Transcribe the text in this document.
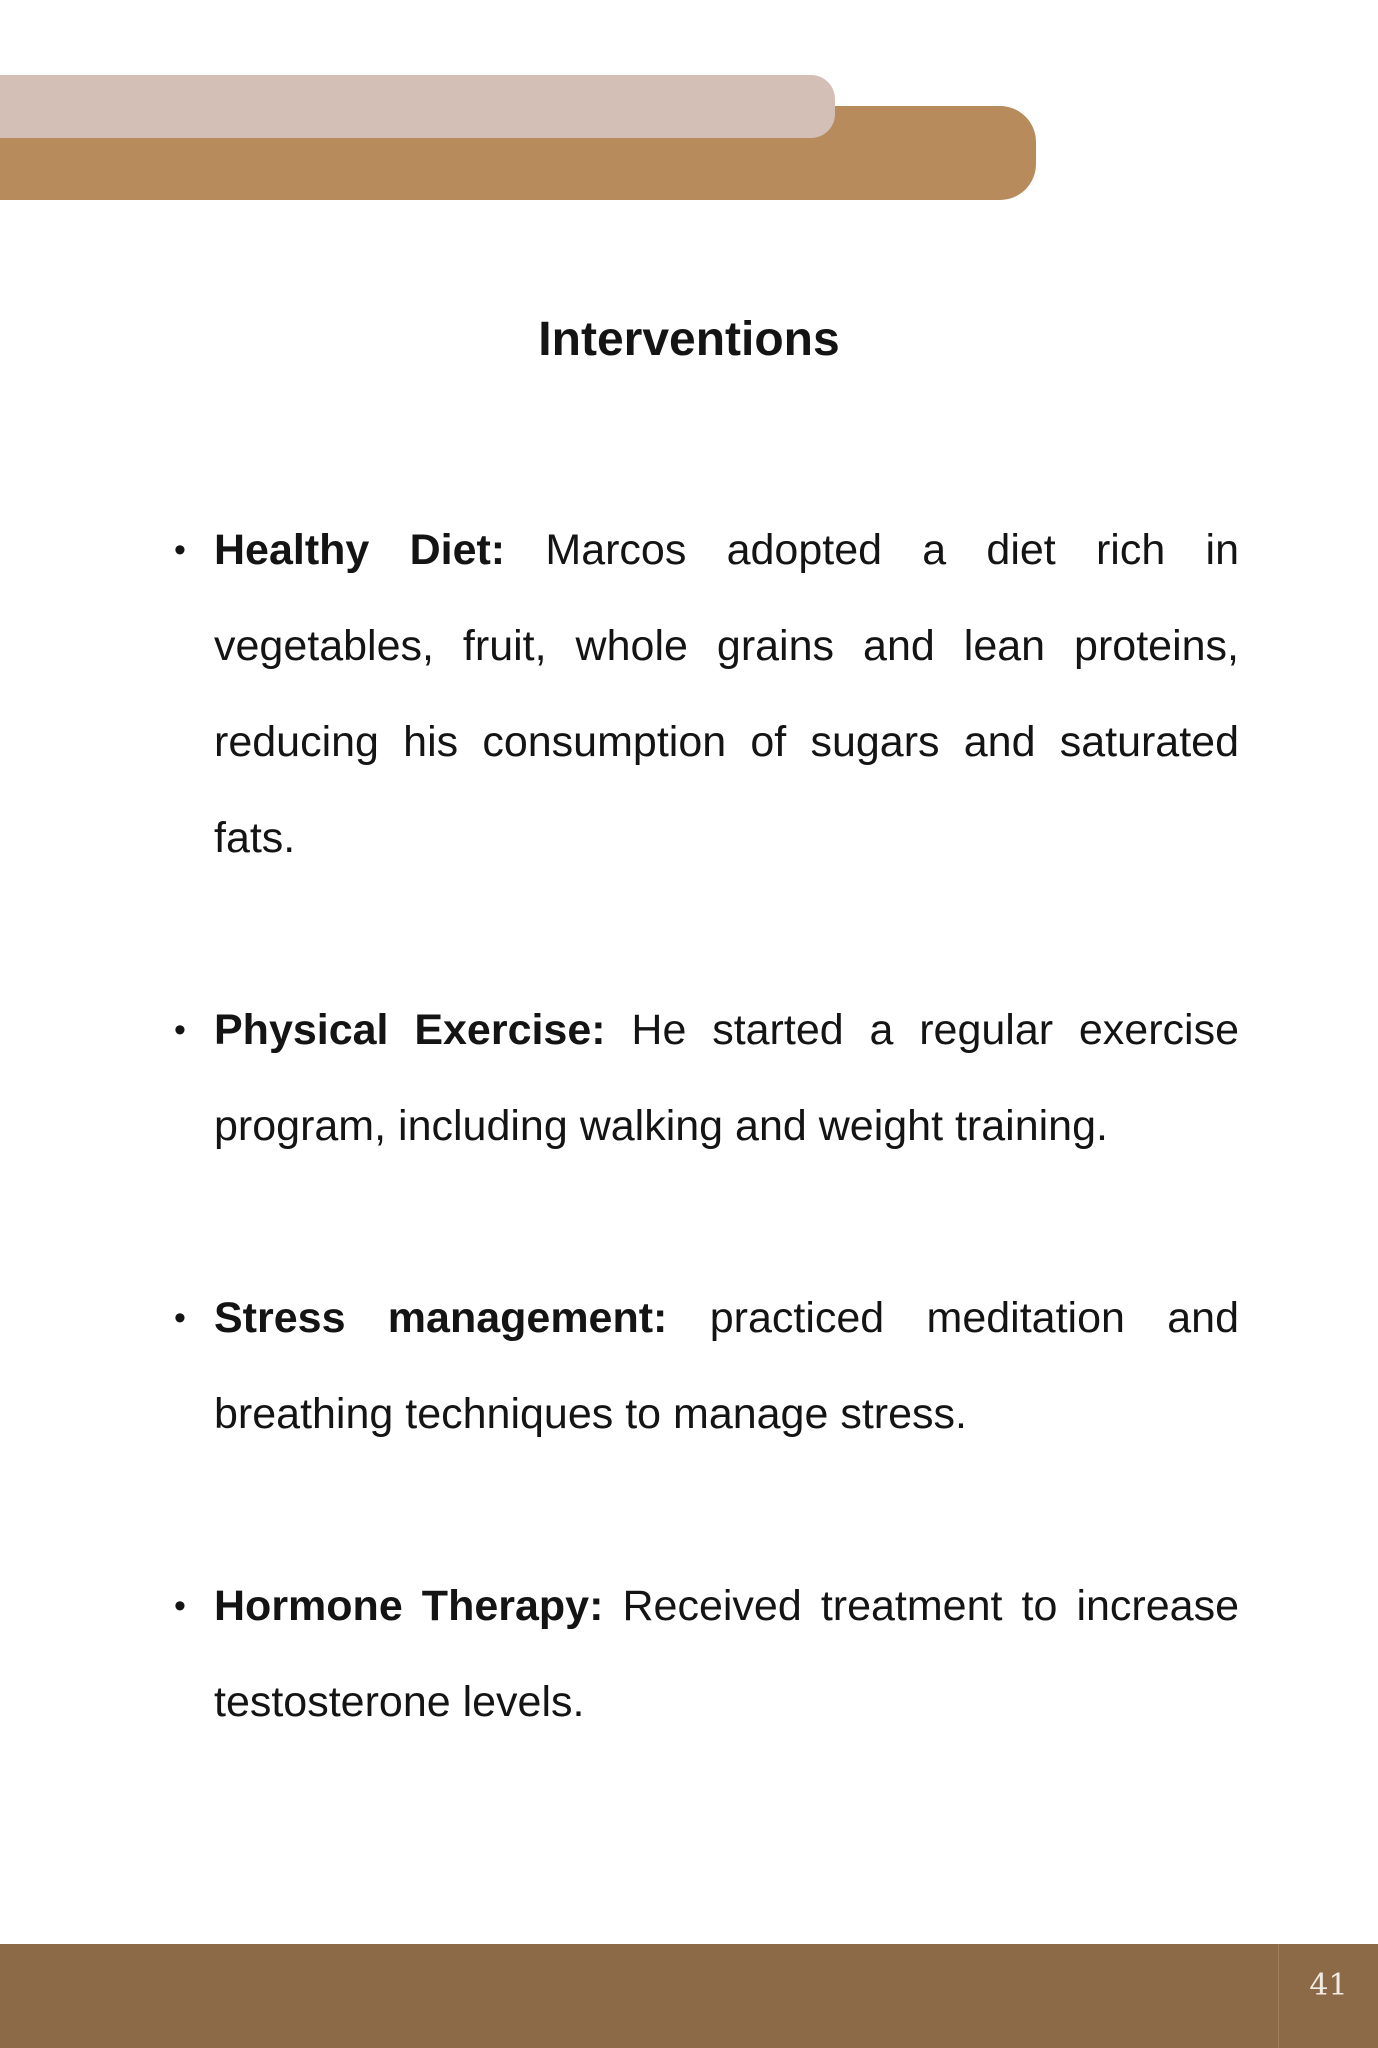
Interventions
• Healthy Diet: Marcos adopted a diet rich in vegetables, fruit, whole grains and lean proteins, reducing his consumption of sugars and saturated fats.
• Physical Exercise: He started a regular exercise program, including walking and weight training.
• Stress management: practiced meditation and breathing techniques to manage stress.
• Hormone Therapy: Received treatment to increase testosterone levels.
41
